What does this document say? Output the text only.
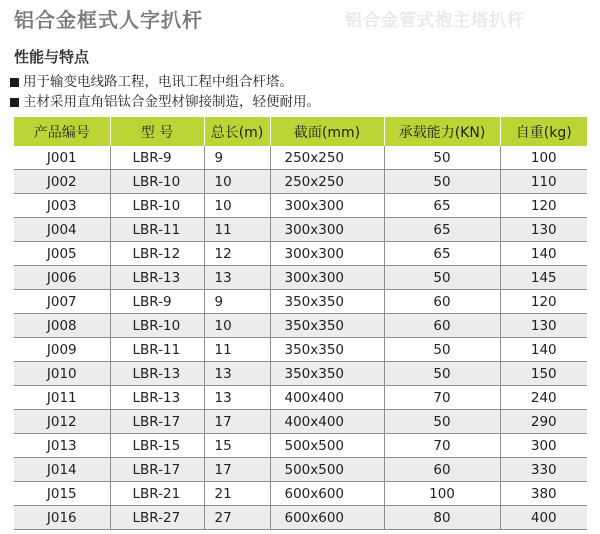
铝合金管式抱主塔扒杆
铝合金框式人字扒杆
性能与特点
用于输变电线路工程，电讯工程中组合杆塔。
主材采用直角铝钛合金型材铆接制造，轻便耐用。
产品编号	型 号	总长(m)	截面(mm)	承载能力(KN)	自重(kg)
J001	LBR-9	9	250x250	50	100
J002	LBR-10	10	250x250	50	110
J003	LBR-10	10	300x300	65	120
J004	LBR-11	11	300x300	65	130
J005	LBR-12	12	300x300	65	140
J006	LBR-13	13	300x300	50	145
J007	LBR-9	9	350x350	60	120
J008	LBR-10	10	350x350	60	130
J009	LBR-11	11	350x350	50	140
J010	LBR-13	13	350x350	50	150
J011	LBR-13	13	400x400	70	240
J012	LBR-17	17	400x400	50	290
J013	LBR-15	15	500x500	70	300
J014	LBR-17	17	500x500	60	330
J015	LBR-21	21	600x600	100	380
J016	LBR-27	27	600x600	80	400
